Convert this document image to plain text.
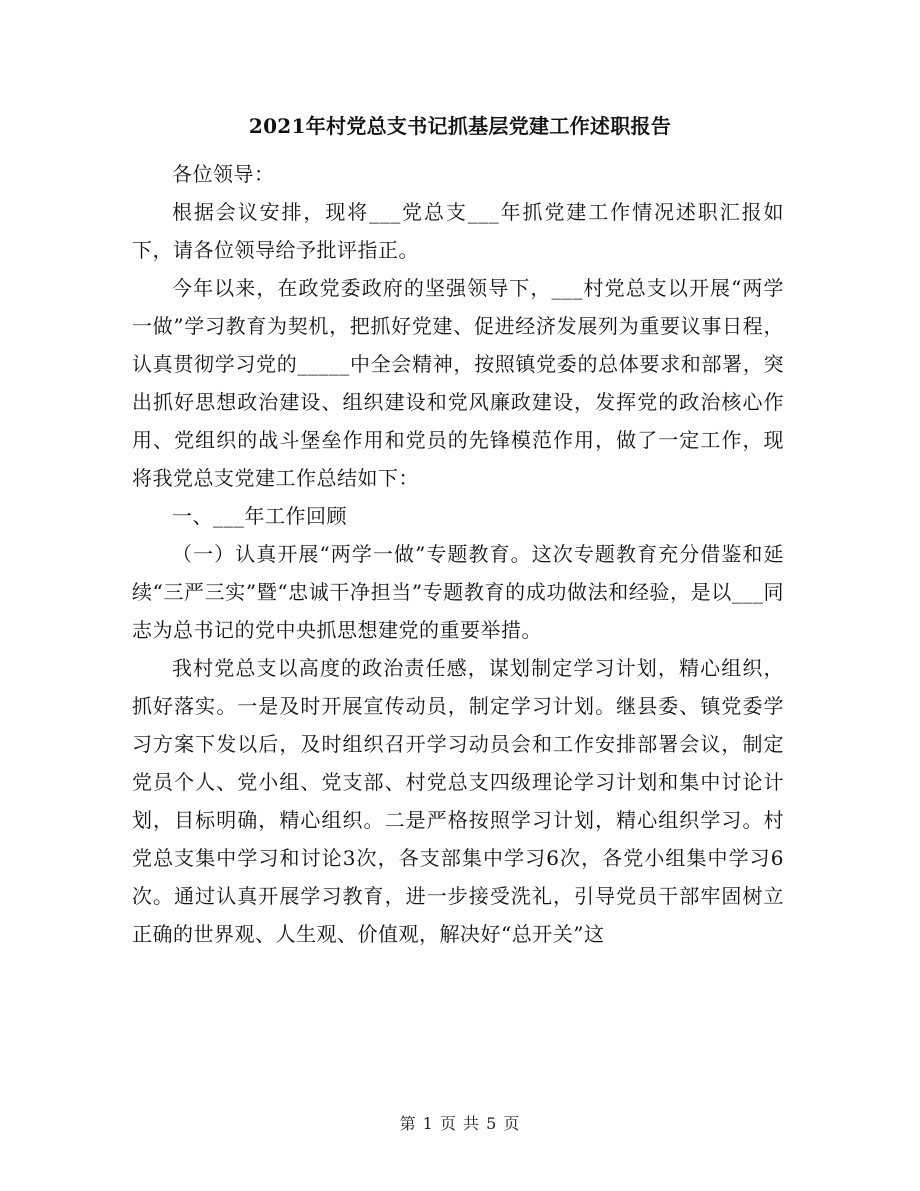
2021年村党总支书记抓基层党建工作述职报告

各位领导：

根据会议安排，现将___党总支___年抓党建工作情况述职汇报如下，请各位领导给予批评指正。

今年以来，在政党委政府的坚强领导下，___村党总支以开展“两学一做”学习教育为契机，把抓好党建、促进经济发展列为重要议事日程，认真贯彻学习党的_____中全会精神，按照镇党委的总体要求和部署，突出抓好思想政治建设、组织建设和党风廉政建设，发挥党的政治核心作用、党组织的战斗堡垒作用和党员的先锋模范作用，做了一定工作，现将我党总支党建工作总结如下：

一、___年工作回顾

（一）认真开展“两学一做”专题教育。这次专题教育充分借鉴和延续“三严三实”暨“忠诚干净担当”专题教育的成功做法和经验，是以___同志为总书记的党中央抓思想建党的重要举措。

我村党总支以高度的政治责任感，谋划制定学习计划，精心组织，抓好落实。一是及时开展宣传动员，制定学习计划。继县委、镇党委学习方案下发以后，及时组织召开学习动员会和工作安排部署会议，制定党员个人、党小组、党支部、村党总支四级理论学习计划和集中讨论计划，目标明确，精心组织。二是严格按照学习计划，精心组织学习。村党总支集中学习和讨论3次，各支部集中学习6次，各党小组集中学习6次。通过认真开展学习教育，进一步接受洗礼，引导党员干部牢固树立正确的世界观、人生观、价值观，解决好“总开关”这

第 1 页 共 5 页
